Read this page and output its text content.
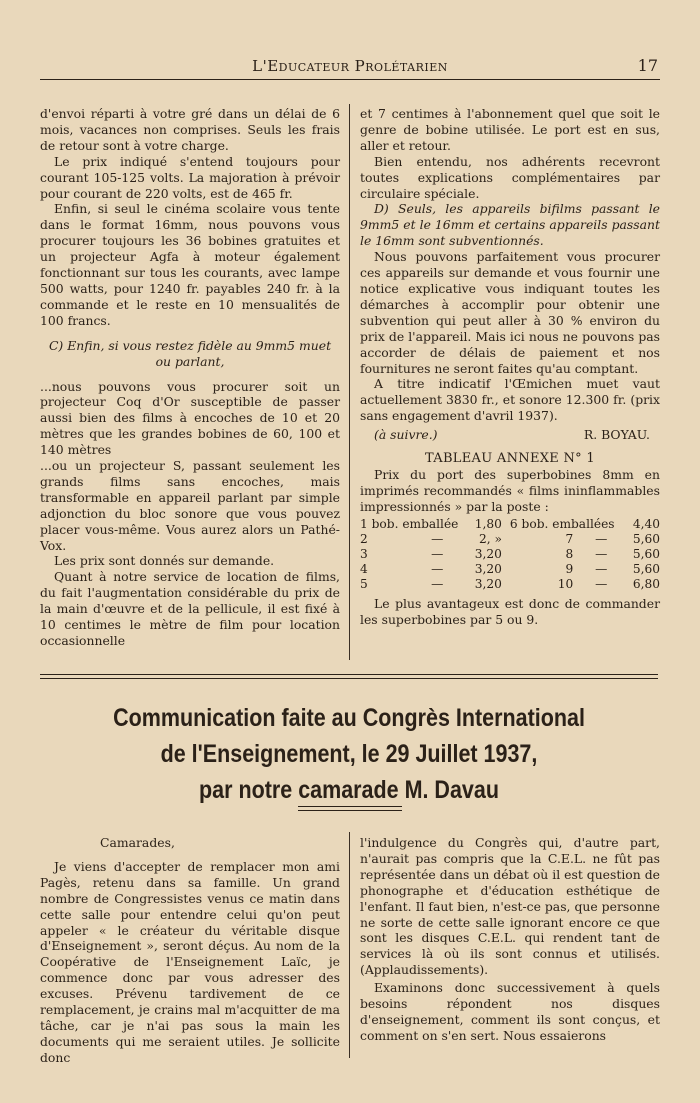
L'Educateur Prolétarien	17

d'envoi réparti à votre gré dans un délai de 6 mois, vacances non comprises. Seuls les frais de retour sont à votre charge.

Le prix indiqué s'entend toujours pour courant 105-125 volts. La majoration à prévoir pour courant de 220 volts, est de 465 fr.

Enfin, si seul le cinéma scolaire vous tente dans le format 16mm, nous pouvons vous procurer toujours les 36 bobines gratuites et un projecteur Agfa à moteur également fonctionnant sur tous les courants, avec lampe 500 watts, pour 1240 fr. payables 240 fr. à la commande et le reste en 10 mensualités de 100 francs.

C) Enfin, si vous restez fidèle au 9mm5 muet ou parlant,

...nous pouvons vous procurer soit un projecteur Coq d'Or susceptible de passer aussi bien des films à encoches de 10 et 20 mètres que les grandes bobines de 60, 100 et 140 mètres

...ou un projecteur S, passant seulement les grands films sans encoches, mais transformable en appareil parlant par simple adjonction du bloc sonore que vous pouvez placer vous-même. Vous aurez alors un Pathé-Vox.

Les prix sont donnés sur demande.

Quant à notre service de location de films, du fait l'augmentation considérable du prix de la main d'œuvre et de la pellicule, il est fixé à 10 centimes le mètre de film pour location occasionnelle

et 7 centimes à l'abonnement quel que soit le genre de bobine utilisée. Le port est en sus, aller et retour.

Bien entendu, nos adhérents recevront toutes explications complémentaires par circulaire spéciale.

D) Seuls, les appareils bifilms passant le 9mm5 et le 16mm et certains appareils passant le 16mm sont subventionnés.

Nous pouvons parfaitement vous procurer ces appareils sur demande et vous fournir une notice explicative vous indiquant toutes les démarches à accomplir pour obtenir une subvention qui peut aller à 30 % environ du prix de l'appareil. Mais ici nous ne pouvons pas accorder de délais de paiement et nos fournitures ne seront faites qu'au comptant.

A titre indicatif l'Œmichen muet vaut actuellement 3830 fr., et sonore 12.300 fr. (prix sans engagement d'avril 1937).

(à suivre.)	R. BOYAU.
TABLEAU ANNEXE N° 1

Prix du port des superbobines 8mm en imprimés recommandés « films ininflammables impressionnés » par la poste :

1 bob. emballée		1,80	6 bob. emballées		4,40
2	—	2, »	7	—	5,60
3	—	3,20	8	—	5,60
4	—	3,20	9	—	5,60
5	—	3,20	10	—	6,80

Le plus avantageux est donc de commander les superbobines par 5 ou 9.

Communication faite au Congrès International
de l'Enseignement, le 29 Juillet 1937,
par notre camarade M. Davau

Camarades,

Je viens d'accepter de remplacer mon ami Pagès, retenu dans sa famille. Un grand nombre de Congressistes venus ce matin dans cette salle pour entendre celui qu'on peut appeler « le créateur du véritable disque d'Enseignement », seront déçus. Au nom de la Coopérative de l'Enseignement Laïc, je commence donc par vous adresser des excuses. Prévenu tardivement de ce remplacement, je crains mal m'acquitter de ma tâche, car je n'ai pas sous la main les documents qui me seraient utiles. Je sollicite donc

l'indulgence du Congrès qui, d'autre part, n'aurait pas compris que la C.E.L. ne fût pas représentée dans un débat où il est question de phonographe et d'éducation esthétique de l'enfant. Il faut bien, n'est-ce pas, que personne ne sorte de cette salle ignorant encore ce que sont les disques C.E.L. qui rendent tant de services là où ils sont connus et utilisés. (Applaudissements).

Examinons donc successivement à quels besoins répondent nos disques d'enseignement, comment ils sont conçus, et comment on s'en sert. Nous essaierons
